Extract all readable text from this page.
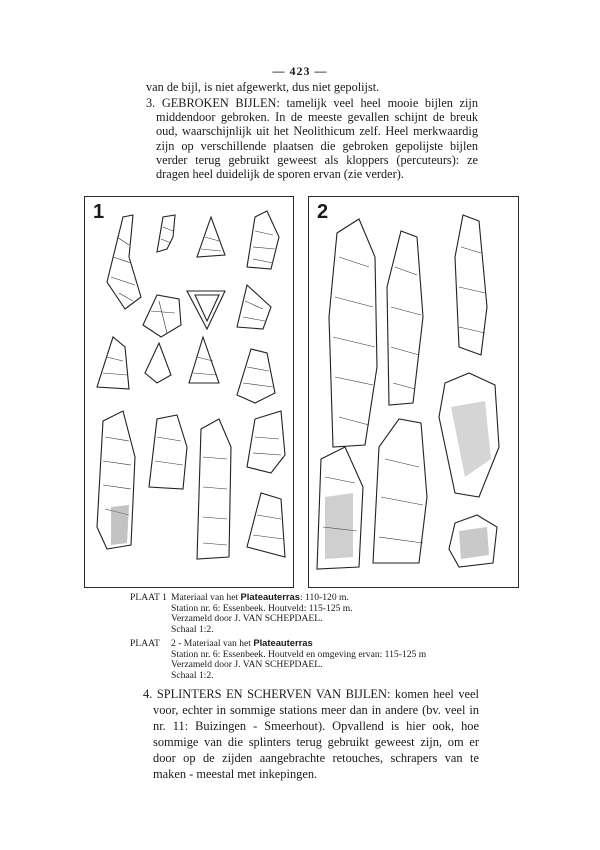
— 423 —
van de bijl, is niet afgewerkt, dus niet gepolijst.
3. GEBROKEN BIJLEN: tamelijk veel heel mooie bijlen zijn middendoor gebroken. In de meeste gevallen schijnt de breuk oud, waarschijnlijk uit het Neolithicum zelf. Heel merkwaardig zijn op verschillende plaatsen die gebroken gepolijste bijlen verder terug gebruikt geweest als kloppers (percuteurs): ze dragen heel duidelijk de sporen ervan (zie verder).
1	2
PLAAT 1 Materiaal van het Plateauterras: 110-120 m.
Station nr. 6: Essenbeek. Houtveld: 115-125 m.
Verzameld door J. VAN SCHEPDAEL.
Schaal 1:2.
PLAAT 2 - Materiaal van het Plateauterras
Station nr. 6: Essenbeek. Houtveld en omgeving ervan: 115-125 m
Verzameld door J. VAN SCHEPDAEL.
Schaal 1:2.
4. SPLINTERS EN SCHERVEN VAN BIJLEN: komen heel veel voor, echter in sommige stations meer dan in andere (bv. veel in nr. 11: Buizingen - Smeerhout). Opvallend is hier ook, hoe sommige van die splinters terug gebruikt geweest zijn, om er door op de zijden aangebrachte retouches, schrapers van te maken - meestal met inkepingen.
